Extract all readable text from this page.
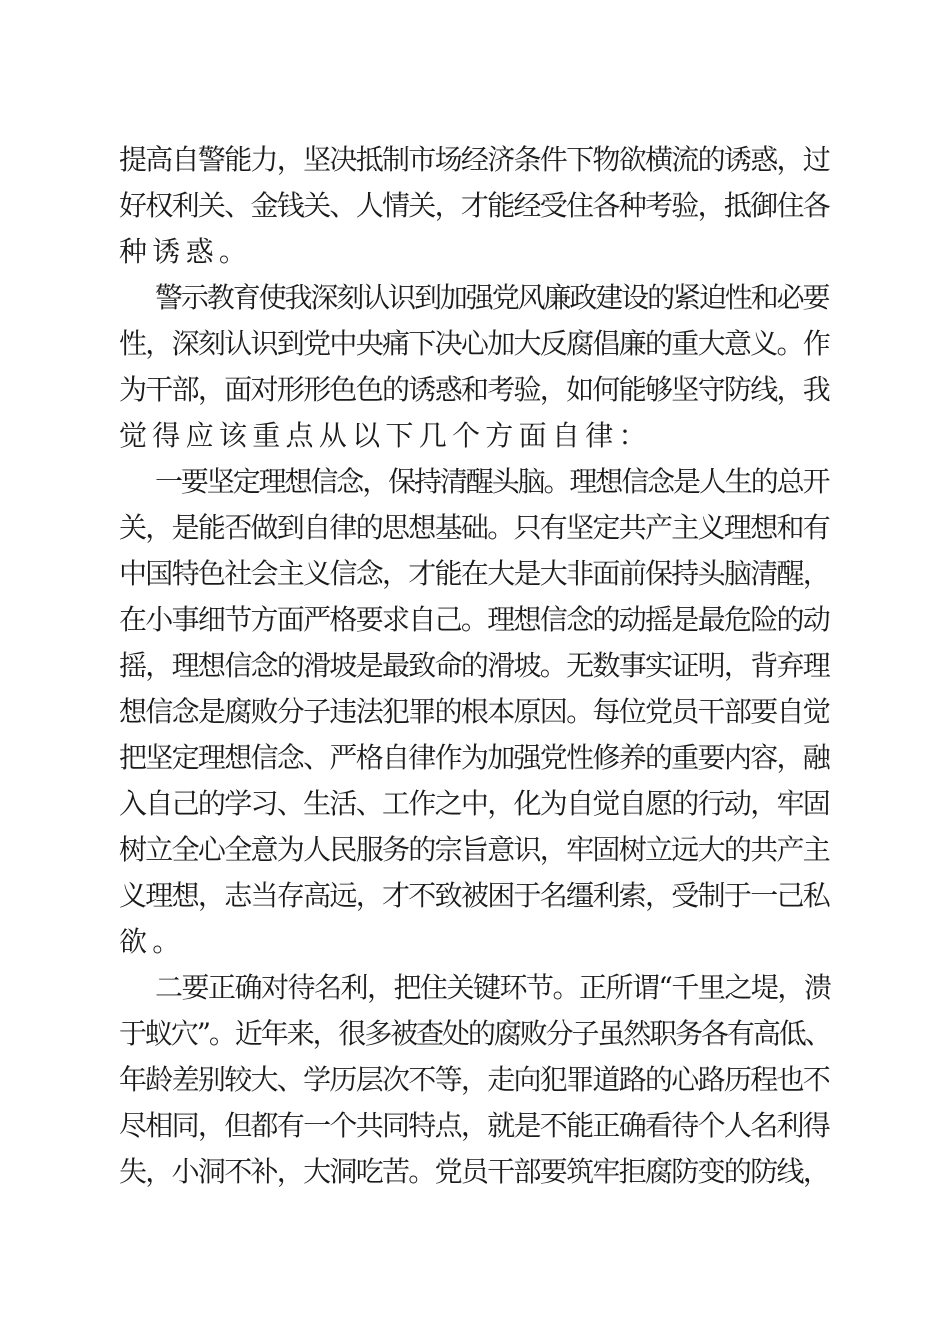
提高自警能力，坚决抵制市场经济条件下物欲横流的诱惑，过
好权利关、金钱关、人情关，才能经受住各种考验，抵御住各
种诱惑。
警示教育使我深刻认识到加强党风廉政建设的紧迫性和必要
性，深刻认识到党中央痛下决心加大反腐倡廉的重大意义。作
为干部，面对形形色色的诱惑和考验，如何能够坚守防线，我
觉得应该重点从以下几个方面自律：
一要坚定理想信念，保持清醒头脑。理想信念是人生的总开
关，是能否做到自律的思想基础。只有坚定共产主义理想和有
中国特色社会主义信念，才能在大是大非面前保持头脑清醒，
在小事细节方面严格要求自己。理想信念的动摇是最危险的动
摇，理想信念的滑坡是最致命的滑坡。无数事实证明，背弃理
想信念是腐败分子违法犯罪的根本原因。每位党员干部要自觉
把坚定理想信念、严格自律作为加强党性修养的重要内容，融
入自己的学习、生活、工作之中，化为自觉自愿的行动，牢固
树立全心全意为人民服务的宗旨意识，牢固树立远大的共产主
义理想，志当存高远，才不致被困于名缰利索，受制于一己私
欲。
二要正确对待名利，把住关键环节。正所谓“千里之堤，溃
于蚁穴”。近年来，很多被查处的腐败分子虽然职务各有高低、
年龄差别较大、学历层次不等，走向犯罪道路的心路历程也不
尽相同，但都有一个共同特点，就是不能正确看待个人名利得
失，小洞不补，大洞吃苦。党员干部要筑牢拒腐防变的防线，
